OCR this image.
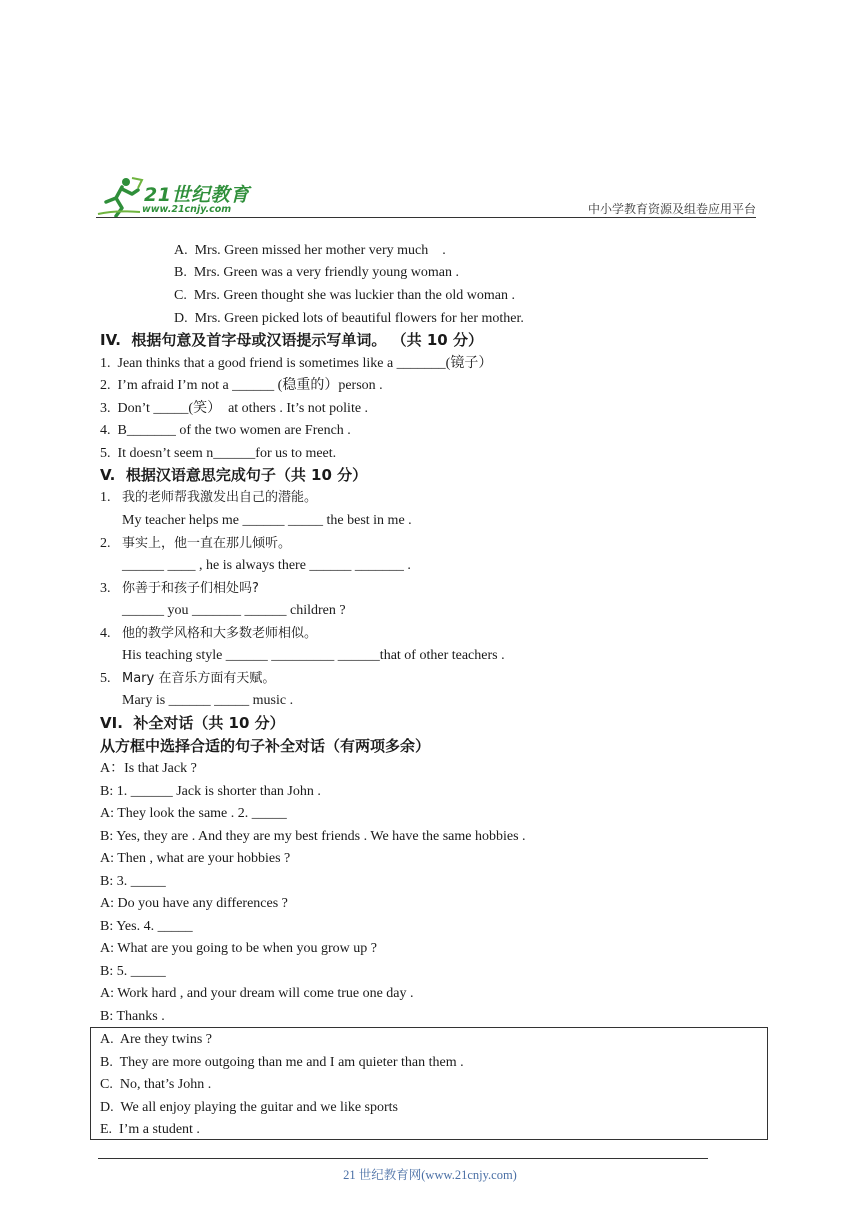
21世纪教育
www.21cnjy.com	中小学教育资源及组卷应用平台
A.  Mrs. Green missed her mother very much    .
B.  Mrs. Green was a very friendly young woman .
C.  Mrs. Green thought she was luckier than the old woman .
D.  Mrs. Green picked lots of beautiful flowers for her mother.
IV.  根据句意及首字母或汉语提示写单词。 （共 10 分）
1.  Jean thinks that a good friend is sometimes like a _______(镜子）
2.  I’m afraid I’m not a ______ (稳重的）person .
3.  Don’t _____(笑）  at others . It’s not polite .
4.  B_______ of the two women are French .
5.  It doesn’t seem n______for us to meet.
V.  根据汉语意思完成句子（共 10 分）
1. 我的老师帮我激发出自己的潜能。
My teacher helps me ______ _____ the best in me .
2. 事实上，他一直在那儿倾听。
______ ____ , he is always there ______ _______ .
3. 你善于和孩子们相处吗?
______ you _______ ______ children ?
4. 他的教学风格和大多数老师相似。
His teaching style ______ _________ ______that of other teachers .
5. Mary 在音乐方面有天赋。
Mary is ______ _____ music .
VI.  补全对话（共 10 分）
从方框中选择合适的句子补全对话（有两项多余）
A：Is that Jack ?
B: 1. ______ Jack is shorter than John .
A: They look the same . 2. _____
B: Yes, they are . And they are my best friends . We have the same hobbies .
A: Then , what are your hobbies ?
B: 3. _____
A: Do you have any differences ?
B: Yes. 4. _____
A: What are you going to be when you grow up ?
B: 5. _____
A: Work hard , and your dream will come true one day .
B: Thanks .
A.  Are they twins ?
B.  They are more outgoing than me and I am quieter than them .
C.  No, that’s John .
D.  We all enjoy playing the guitar and we like sports
E.  I’m a student .
21 世纪教育网(www.21cnjy.com)
